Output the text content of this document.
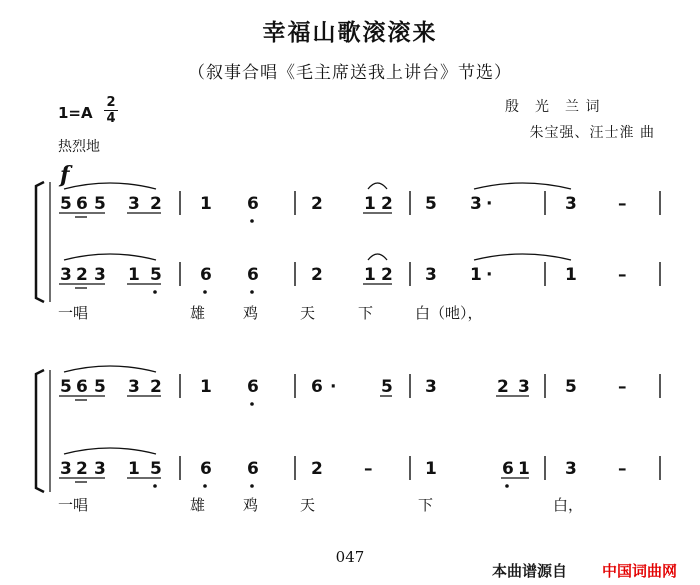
幸福山歌滚滚来
（叙事合唱《毛主席送我上讲台》节选）
1=A
2
4
热烈地
殷　光　兰 词
朱宝强、汪士淮 曲
f
5 6 5 3 2 1 6	2 1 2 5 3 ·	3 –
3 2 3 1 5 6 6	2 1 2 3 1 ·	1 –
5 6 5 3 2 1 6	6 ·	5 3	2 3 5 –
3 2 3 1 5 6 6	2 –	1	6 1 3 –
一唱	雄	鸡	天	下	白（吔），
一唱	雄	鸡	天	下	白，
047
本曲谱源自 中国词曲网
